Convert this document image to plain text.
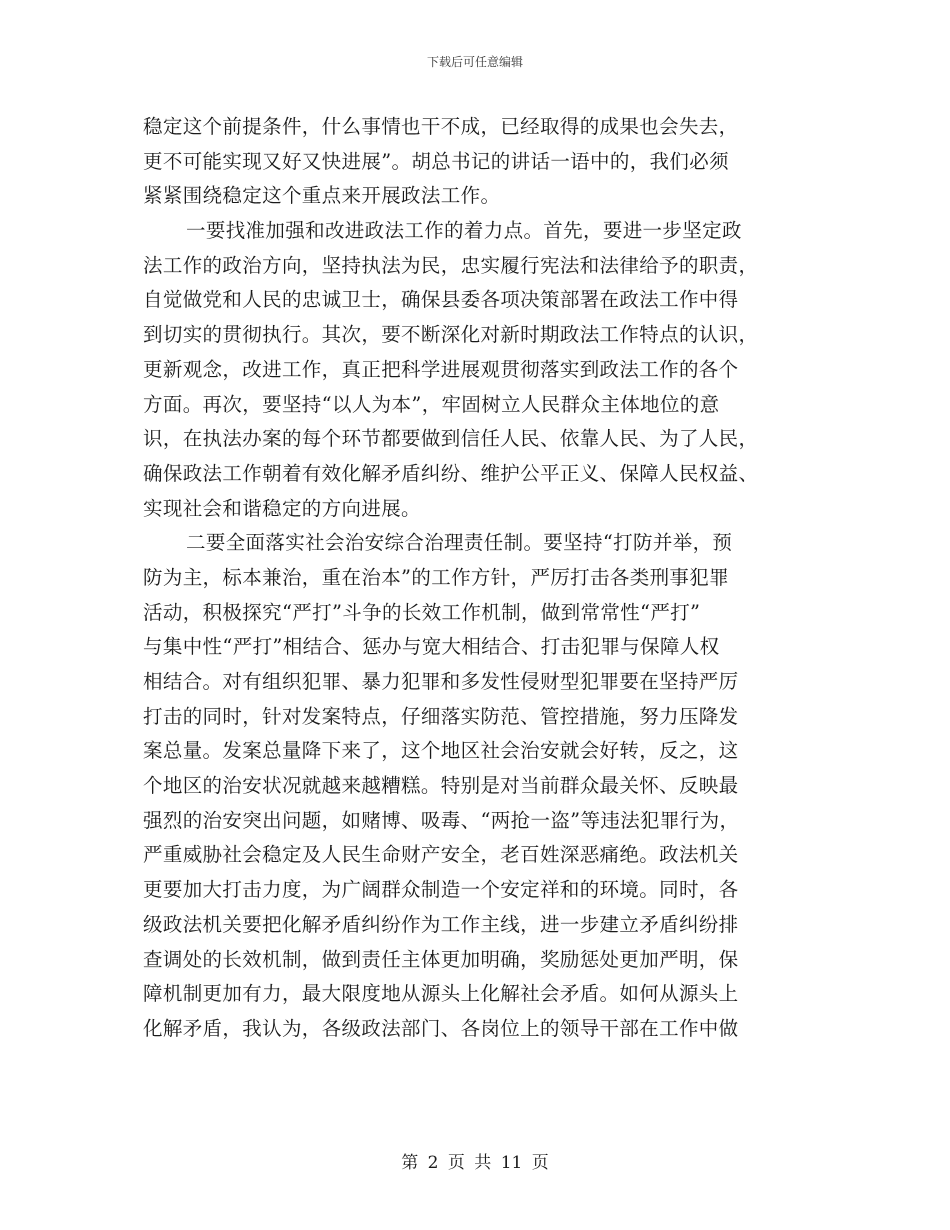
下载后可任意编辑
稳定这个前提条件，什么事情也干不成，已经取得的成果也会失去，
更不可能实现又好又快进展”。胡总书记的讲话一语中的，我们必须
紧紧围绕稳定这个重点来开展政法工作。
一要找准加强和改进政法工作的着力点。首先，要进一步坚定政
法工作的政治方向，坚持执法为民，忠实履行宪法和法律给予的职责，
自觉做党和人民的忠诚卫士，确保县委各项决策部署在政法工作中得
到切实的贯彻执行。其次，要不断深化对新时期政法工作特点的认识，
更新观念，改进工作，真正把科学进展观贯彻落实到政法工作的各个
方面。再次，要坚持“以人为本”，牢固树立人民群众主体地位的意
识，在执法办案的每个环节都要做到信任人民、依靠人民、为了人民，
确保政法工作朝着有效化解矛盾纠纷、维护公平正义、保障人民权益、
实现社会和谐稳定的方向进展。
二要全面落实社会治安综合治理责任制。要坚持“打防并举，预
防为主，标本兼治，重在治本”的工作方针，严厉打击各类刑事犯罪
活动，积极探究“严打”斗争的长效工作机制，做到常常性“严打”
与集中性“严打”相结合、惩办与宽大相结合、打击犯罪与保障人权
相结合。对有组织犯罪、暴力犯罪和多发性侵财型犯罪要在坚持严厉
打击的同时，针对发案特点，仔细落实防范、管控措施，努力压降发
案总量。发案总量降下来了，这个地区社会治安就会好转，反之，这
个地区的治安状况就越来越糟糕。特别是对当前群众最关怀、反映最
强烈的治安突出问题，如赌博、吸毒、“两抢一盗”等违法犯罪行为，
严重威胁社会稳定及人民生命财产安全，老百姓深恶痛绝。政法机关
更要加大打击力度，为广阔群众制造一个安定祥和的环境。同时，各
级政法机关要把化解矛盾纠纷作为工作主线，进一步建立矛盾纠纷排
查调处的长效机制，做到责任主体更加明确，奖励惩处更加严明，保
障机制更加有力，最大限度地从源头上化解社会矛盾。如何从源头上
化解矛盾，我认为，各级政法部门、各岗位上的领导干部在工作中做
第 2 页 共 11 页
